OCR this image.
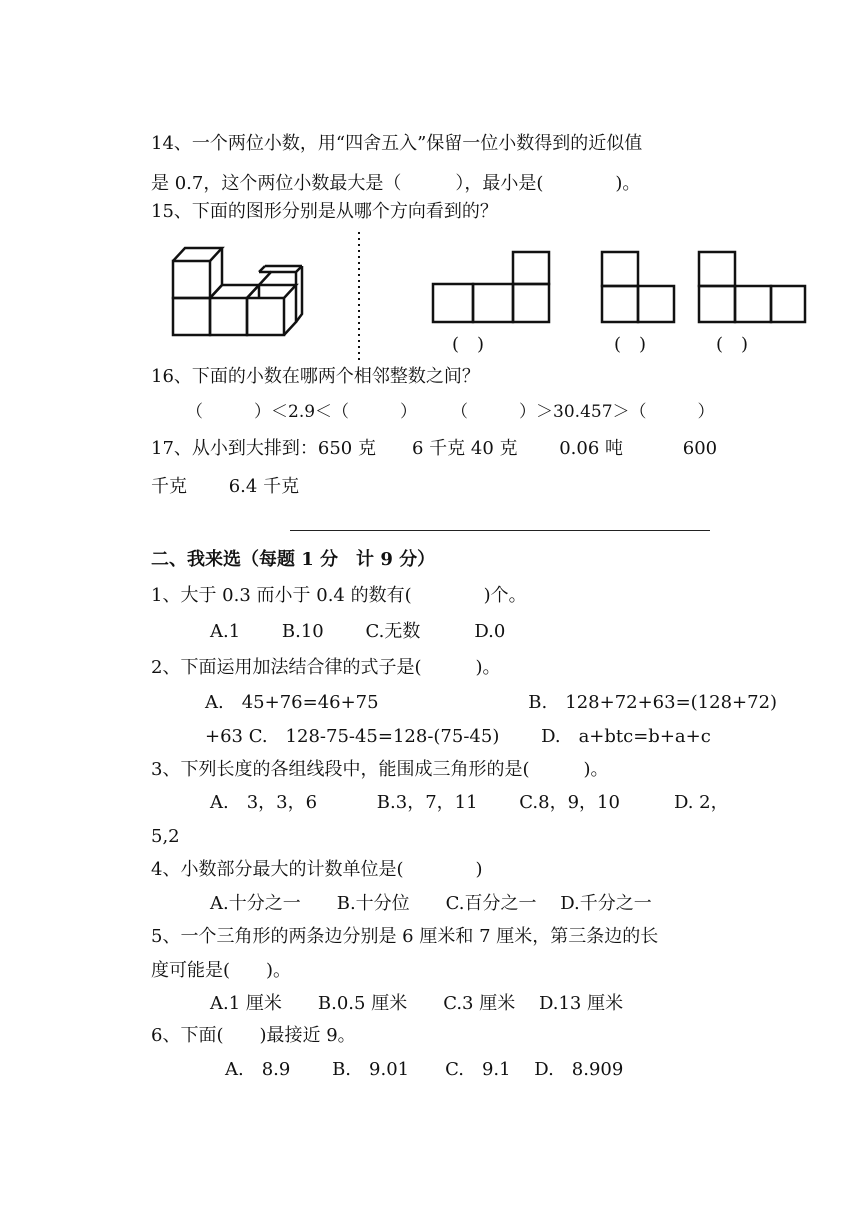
14、一个两位小数，用“四舍五入”保留一位小数得到的近似值
是 0.7，这个两位小数最大是（　　　），最小是(　　　　)。
15、下面的图形分别是从哪个方向看到的？
(　)	(　)	(　)
16、下面的小数在哪两个相邻整数之间？
（　　　）＜2.9＜（　　　）　　　（　　　）＞30.457＞（　　　）
17、从小到大排到：650 克　　6 千克 40 克　　 0.06 吨　　　 600
千克　　 6.4 千克
二、我来选（每题 1 分　计 9 分）
1、大于 0.3 而小于 0.4 的数有(　　　　)个。
A.1　　 B.10　　 C.无数　　　D.0
2、下面运用加法结合律的式子是(　　　)。
A.　45+76=46+75　　　　　　　　 B.　128+72+63=(128+72)
+63 C.　128-75-45=128-(75-45)　　 D.　a+btc=b+a+c
3、下列长度的各组线段中，能围成三角形的是(　　　)。
A.　3，3，6　　　 B.3，7，11　　 C.8，9，10　　　D. 2，
5,2
4、小数部分最大的计数单位是(　　　　)
A.十分之一　　B.十分位　　C.百分之一　 D.千分之一
5、一个三角形的两条边分别是 6 厘米和 7 厘米，第三条边的长
度可能是(　　)。
A.1 厘米　　B.0.5 厘米　　C.3 厘米　 D.13 厘米
6、下面(　　)最接近 9。
A.　8.9　　 B.　9.01　　C.　9.1　 D.　8.909
